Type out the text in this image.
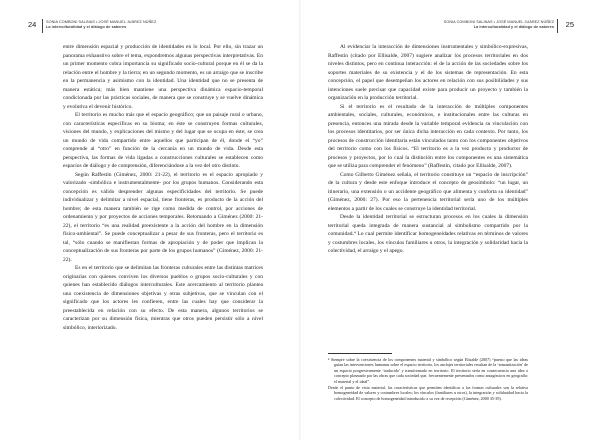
24	SONIA COMBONI SALINAS • JOSÉ MANUEL JUÁREZ NÚÑEZ
La interculturalidad y el diálogo de saberes

entre dimensión espacial y producción de identidades en lo local. Por ello, sin trazar un panorama exhaustivo sobre el tema, expondremos algunas perspectivas interpretativas. En un primer momento cobra importancia su significado socio-cultural porque en él se da la relación entre el hombre y la tierra; en un segundo momento, es un arraigo que se inscribe en la permanencia y asimismo con la identidad. Una identidad que no se presenta de manera estática; más bien mantiene una perspectiva dinámica espacio-temporal condicionada por las prácticas sociales, de manera que se construye y se vuelve dinámica y evolutiva el devenir histórico.

El territorio es mucho más que el espacio geográfico; que un paisaje rural o urbano, con características específicas en su bioma; en éste se construyen formas culturales, visiones del mundo, y explicaciones del mismo y del lugar que se ocupa en éste; se crea un mundo de vida compartido entre aquellos que participan de él, donde el “yo” comprende al “otro” en función de la cercanía en un mundo de vida. Desde esta perspectiva, las formas de vida ligadas a construcciones culturales se establecen como espacios de diálogo y de comprensión, diferenciándose a la vez del otro distinto.

Según Raffestin (Giménez, 2000: 21-22), el territorio es el espacio apropiado y valorizado -simbólica e instrumentalmente- por los grupos humanos. Considerando esta concepción es válido desprender algunas especificidades del territorio. Se puede individualizar y delimitar a nivel espacial, tiene fronteras, es producto de la acción del hombre; de esta manera también se rige como medida de control, por acciones de ordenamiento y por proyectos de acciones temporales. Retomando a Giménez (2000: 21-22), el territorio “es una realidad preexistente a la acción del hombre en la dimensión físico-ambiental”. Se puede conceptualizar a pesar de sus fronteras, pero el territorio es tal, “sólo cuando se manifiestan formas de apropiación y de poder que implican la conceptualización de sus fronteras por parte de los grupos humanos” (Giménez, 2000: 21-22).

Es en el territorio que se delimitan las fronteras culturales entre las distintas matrices originarias con quienes conviven los diversos pueblos o grupos socio-culturales y con quienes han establecido diálogos interculturales. Este acercamiento al territorio plantea una coexistencia de dimensiones objetivas y otras subjetivas, que se vinculan con el significado que los actores les confieren, entre las cuales hay que considerar la preestablecida en relación con su efecto. De esta manera, algunos territorios se caracterizan por su dimensión física, mientras que otros pueden persistir sólo a nivel simbólico, interiorizado.

25
SONIA COMBONI SALINAS • JOSÉ MANUEL JUÁREZ NÚÑEZ
La interculturalidad y el diálogo de saberes

Al evidenciar la interacción de dimensiones instrumentales y simbólico-expresivas, Raffestin (citado por Ellisalde, 2007) sugiere analizar los procesos territoriales en dos niveles distintos, pero en continua interacción: el de la acción de las sociedades sobre los soportes materiales de su existencia y el de los sistemas de representación. En esta concepción, el papel que desempeñan los actores en relación con sus posibilidades y sus intenciones suele precisar que capacidad existe para producir un proyecto y también la organización en la producción territorial.

Si el territorio es el resultado de la interacción de múltiples componentes ambientales, sociales, culturales, económicos, e institucionales entre las culturas en presencia, entonces una mirada desde la variable temporal evidencia su vinculación con los procesos identitarios, por ser única dicha interacción en cada contexto. Por tanto, los procesos de construcción identitaria están vinculados tanto con los componentes objetivos del territorio como con los físicos. “El territorio es a la vez producto y productor de procesos y proyectos, por lo cual la distinción entre los componentes es una sistemática que se utiliza para comprender el fenómeno” (Raffestin, citado por Ellisalde, 2007).

Como Gilberto Giménez señala, el territorio constituye un “espacio de inscripción” de la cultura y desde este enfoque introduce el concepto de geosímbolo: “un lugar, un itinerario, una extensión o un accidente geográfico que alimenta y conforta su identidad” (Giménez, 2000: 27). Por eso la pertenencia territorial sería uno de los múltiples elementos a partir de los cuales se construye la identidad territorial.

Desde la identidad territorial se estructuran procesos en los cuales la dimensión territorial queda integrada de manera sustancial al simbolismo compartido por la comunidad.⁴ Lo cual permite identificar homogeneidades relativas en términos de valores y costumbres locales, los vínculos familiares u otros, la integración y solidaridad hacia la colectividad, el arraigo y el apego.

⁴ Siempre sobre la coexistencia de los componentes material y simbólico según Elisalde (2007) “puesto que las ideas guían las intervenciones humanas sobre el espacio territorio, los anclajes territoriales resultan de la ‘semantización’ de un espacio progresivamente ‘traducido’ y transformado en territorio. El territorio sería en consecuencia una idea o concepto plasmado por las obras que cada sociedad que, frecuentemente presentados como antagónicos en geografía: el material y el ideal”.

Desde el punto de vista material, las características que permiten identificar a las formas culturales son la relativa homogeneidad de valores y costumbres locales; los vínculos (familiares u otros), la integración y solidaridad hacia la colectividad. El concepto de homogeneidad introducido a su vez de recepción (Giménez, 2000 35-39).
